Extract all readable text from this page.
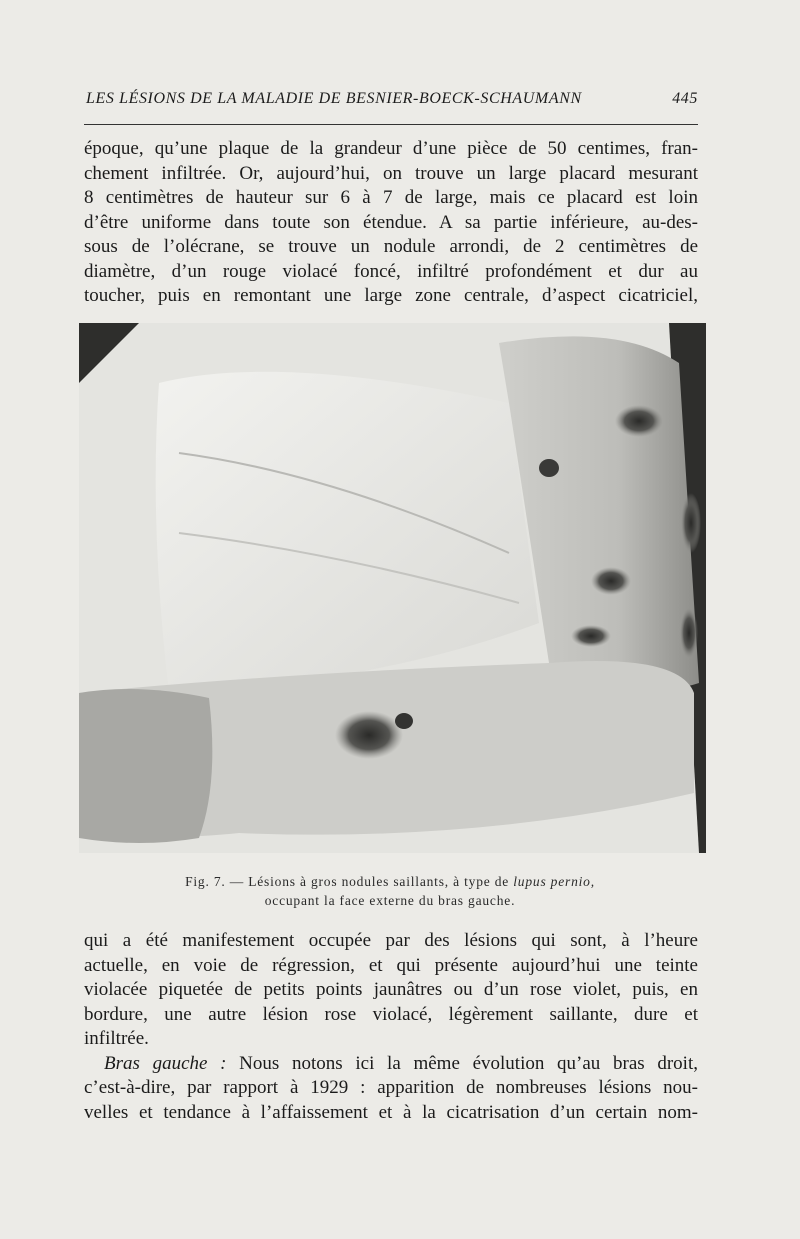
LES LÉSIONS DE LA MALADIE DE BESNIER-BOECK-SCHAUMANN	445
époque, qu’une plaque de la grandeur d’une pièce de 50 centimes, fran-
chement infiltrée. Or, aujourd’hui, on trouve un large placard mesurant
8 centimètres de hauteur sur 6 à 7 de large, mais ce placard est loin
d’être uniforme dans toute son étendue. A sa partie inférieure, au-des-
sous de l’olécrane, se trouve un nodule arrondi, de 2 centimètres de
diamètre, d’un rouge violacé foncé, infiltré profondément et dur au
toucher, puis en remontant une large zone centrale, d’aspect cicatriciel,
Fig. 7. — Lésions à gros nodules saillants, à type de lupus pernio,
occupant la face externe du bras gauche.
qui a été manifestement occupée par des lésions qui sont, à l’heure
actuelle, en voie de régression, et qui présente aujourd’hui une teinte
violacée piquetée de petits points jaunâtres ou d’un rose violet, puis, en
bordure, une autre lésion rose violacé, légèrement saillante, dure et
infiltrée.
Bras gauche : Nous notons ici la même évolution qu’au bras droit,
c’est-à-dire, par rapport à 1929 : apparition de nombreuses lésions nou-
velles et tendance à l’affaissement et à la cicatrisation d’un certain nom-
